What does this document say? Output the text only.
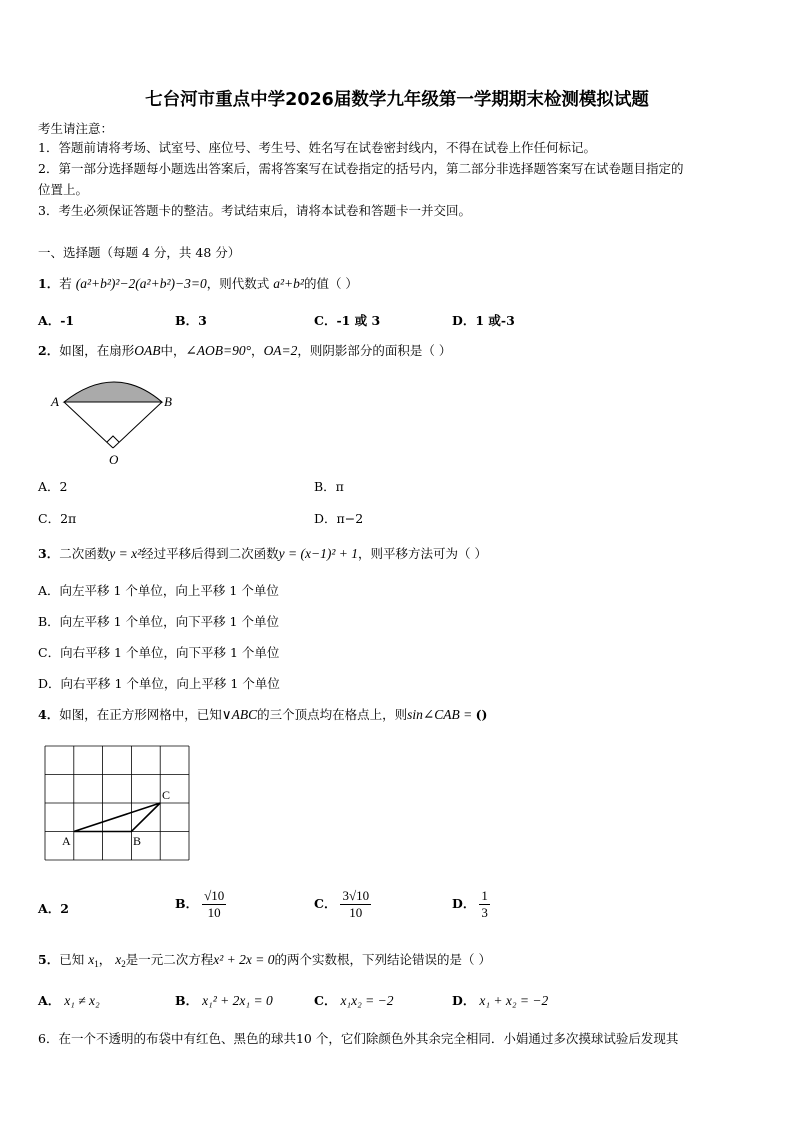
七台河市重点中学2026届数学九年级第一学期期末检测模拟试题
考生请注意：
1．答题前请将考场、试室号、座位号、考生号、姓名写在试卷密封线内，不得在试卷上作任何标记。
2．第一部分选择题每小题选出答案后，需将答案写在试卷指定的括号内，第二部分非选择题答案写在试卷题目指定的
位置上。
3．考生必须保证答题卡的整洁。考试结束后，请将本试卷和答题卡一并交回。
一、选择题（每题 4 分，共 48 分）
1．若 (a²+b²)²−2(a²+b²)−3=0，则代数式 a²+b²的值（ ）
A．-1	B．3	C．-1 或 3	D．1 或-3
2．如图，在扇形OAB中，∠AOB=90°，OA=2，则阴影部分的面积是（ ）
A	B
O
A．2	B．π
C．2π	D．π−2
3．二次函数y = x²经过平移后得到二次函数y = (x−1)² + 1，则平移方法可为（ ）
A．向左平移 1 个单位，向上平移 1 个单位
B．向左平移 1 个单位，向下平移 1 个单位
C．向右平移 1 个单位，向下平移 1 个单位
D．向右平移 1 个单位，向上平移 1 个单位
4．如图，在正方形网格中，已知∨ABC的三个顶点均在格点上，则sin∠CAB = ()
A	B
C
A．2	B． $\frac{√10}{10}$	C． $\frac{3√10}{10}$	D． $\frac{1}{3}$
5．已知 $x_1$， $x_2$是一元二次方程x² + 2x = 0的两个实数根，下列结论错误的是（ ）
A． x₁ ≠ x₂	B． x₁² + 2x₁ = 0	C． x₁x₂ = −2	D． x₁ + x₂ = −2
6．在一个不透明的布袋中有红色、黑色的球共10 个，它们除颜色外其余完全相同．小娟通过多次摸球试验后发现其
